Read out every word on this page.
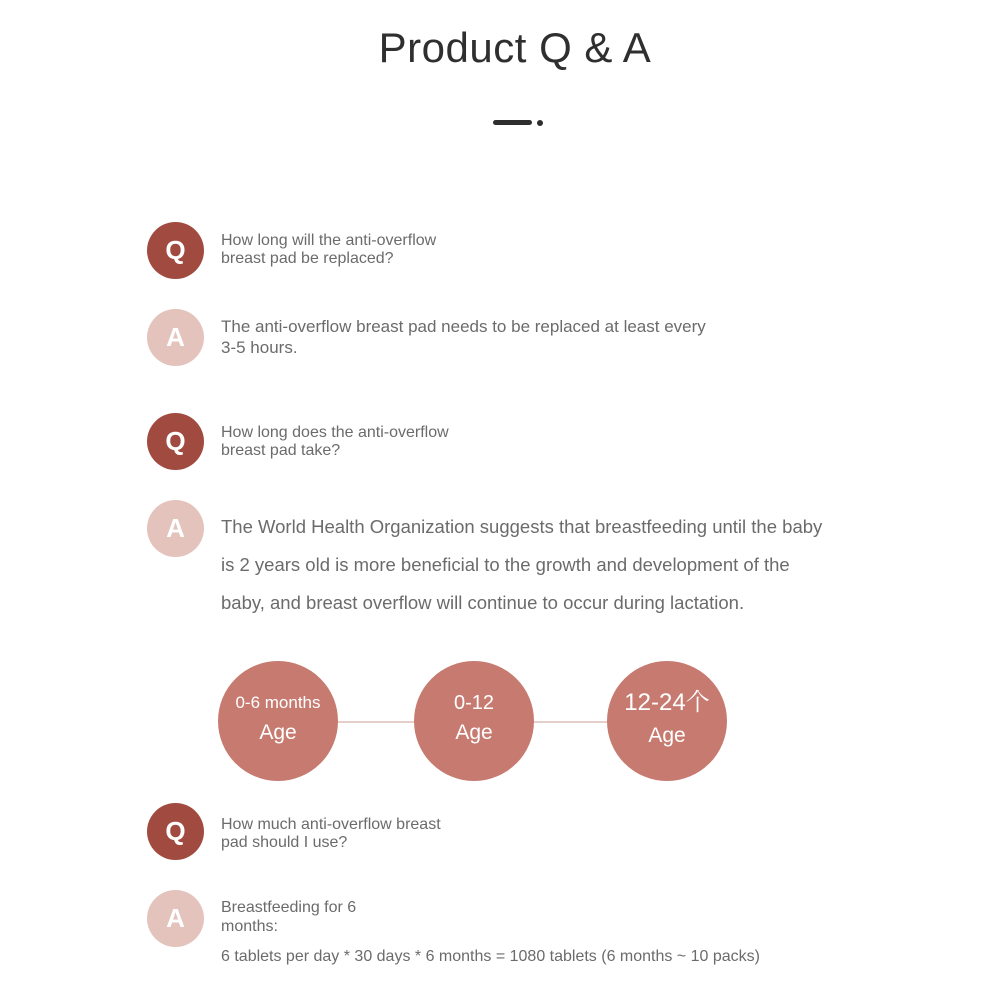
Product Q & A
Q	How long will the anti-overflow
breast pad be replaced?
A	The anti-overflow breast pad needs to be replaced at least every
3-5 hours.
Q	How long does the anti-overflow
breast pad take?
A	The World Health Organization suggests that breastfeeding until the baby
is 2 years old is more beneficial to the growth and development of the
baby, and breast overflow will continue to occur during lactation.
0-6 months
Age
0-12
Age
12-24个
Age
Q	How much anti-overflow breast
pad should I use?
A	Breastfeeding for 6
months:
6 tablets per day * 30 days * 6 months = 1080 tablets (6 months ~ 10 packs)
